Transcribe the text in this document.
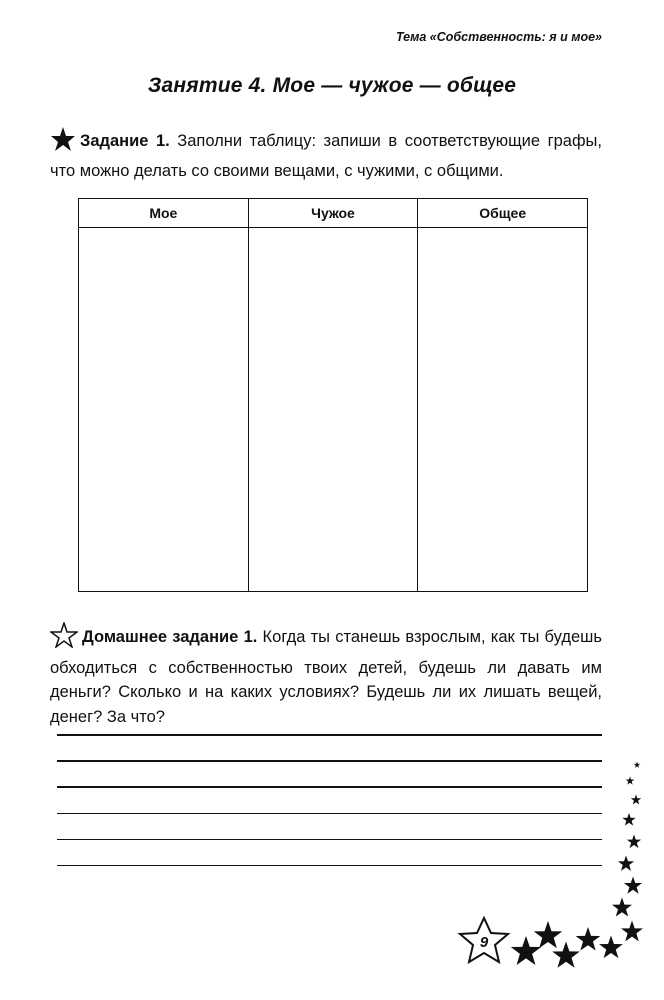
Тема «Собственность: я и мое»
Занятие 4. Мое — чужое — общее
Задание 1. Заполни таблицу: запиши в соответствующие графы, что можно делать со своими вещами, с чужими, с общими.
Мое	Чужое	Общее

Домашнее задание 1. Когда ты станешь взрослым, как ты будешь обходиться с собственностью твоих детей, будешь ли давать им деньги? Сколько и на каких условиях? Будешь ли их лишать вещей, денег? За что?
9
